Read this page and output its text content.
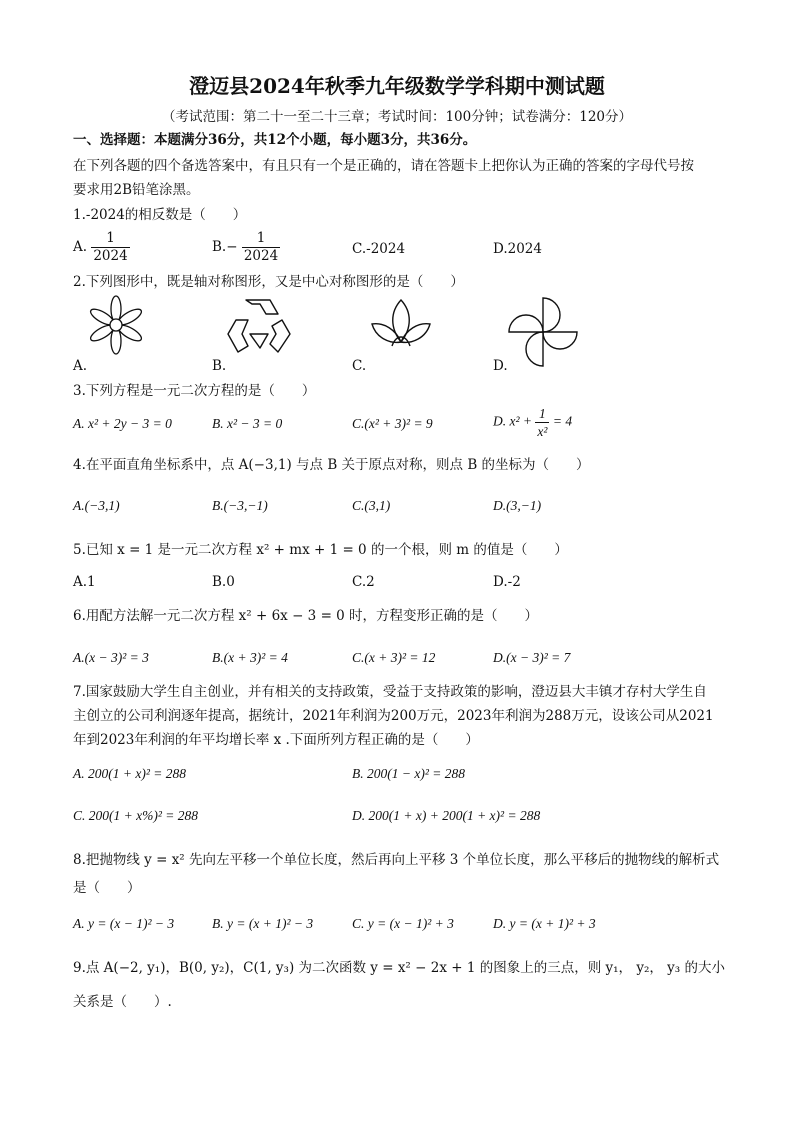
澄迈县2024年秋季九年级数学学科期中测试题
（考试范围：第二十一至二十三章；考试时间：100分钟；试卷满分：120分）
一、选择题：本题满分36分，共12个小题，每小题3分，共36分。
在下列各题的四个备选答案中，有且只有一个是正确的，请在答题卡上把你认为正确的答案的字母代号按
要求用2B铅笔涂黑。
1.-2024的相反数是（　　）
A. $\frac{1}{2024}$	$B.- \frac{1}{2024}$	C.-2024	D.2024
2.下列图形中，既是轴对称图形，又是中心对称图形的是（　　）
A.	B.	C.	D.
3.下列方程是一元二次方程的是（　　）
A. x² + 2y − 3 = 0	B. x² − 3 = 0	C.(x² + 3)² = 9	D. $x^2 + \frac{1}{\text{x²}} = 4$
4.在平面直角坐标系中，点 A(−3,1) 与点 B 关于原点对称，则点 B 的坐标为（　　）
A.(−3,1)	B.(−3,−1)	C.(3,1)	D.(3,−1)
5.已知 x = 1 是一元二次方程 x² + mx + 1 = 0 的一个根，则 m 的值是（　　）
A.1	B.0	C.2	D.-2
6.用配方法解一元二次方程 x² + 6x − 3 = 0 时，方程变形正确的是（　　）
A.(x − 3)² = 3	B.(x + 3)² = 4	C.(x + 3)² = 12	D.(x − 3)² = 7
7.国家鼓励大学生自主创业，并有相关的支持政策，受益于支持政策的影响，澄迈县大丰镇才存村大学生自
主创立的公司利润逐年提高，据统计，2021年利润为200万元，2023年利润为288万元，设该公司从2021
年到2023年利润的年平均增长率 x .下面所列方程正确的是（　　）
A. 200(1 + x)² = 288	B. 200(1 − x)² = 288
C. 200(1 + x%)² = 288	D. 200(1 + x) + 200(1 + x)² = 288
8.把抛物线 y = x² 先向左平移一个单位长度，然后再向上平移 3 个单位长度，那么平移后的抛物线的解析式
是（　　）
A. y = (x − 1)² − 3	B. y = (x + 1)² − 3	C. y = (x − 1)² + 3	D. y = (x + 1)² + 3
9.点 A(−2, y₁)，B(0, y₂)，C(1, y₃) 为二次函数 y = x² − 2x + 1 的图象上的三点，则 y₁， y₂， y₃ 的大小
关系是（　　）.
